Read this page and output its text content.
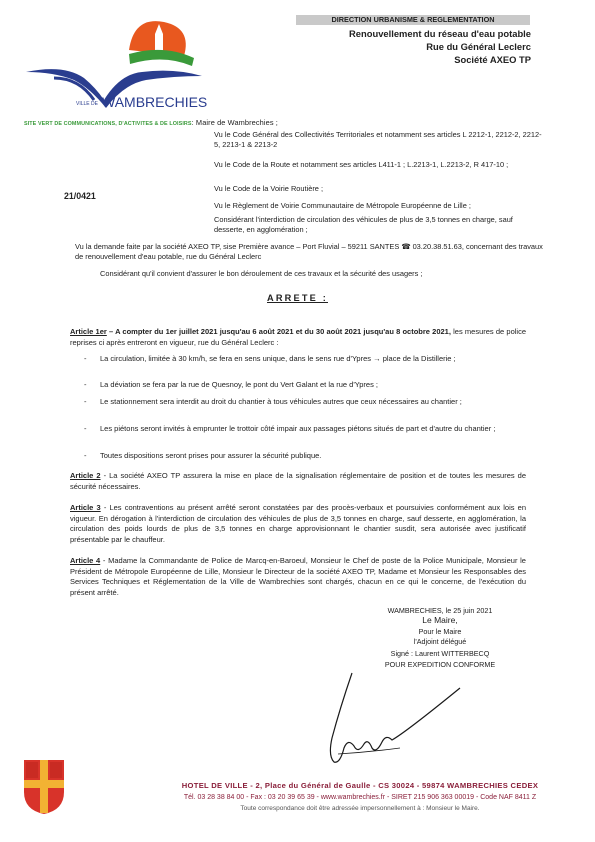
DIRECTION URBANISME & REGLEMENTATION
Renouvellement du réseau d'eau potable
Rue du Général Leclerc
Société AXEO TP
VILLE DE WAMBRECHIES
SITE VERT DE COMMUNICATIONS, D'ACTIVITES & DE LOISIRS: Maire de Wambrechies ;
21/0421
Vu le Code Général des Collectivités Territoriales et notamment ses articles L 2212-1, 2212-2, 2212-5, 2213-1 & 2213-2
Vu le Code de la Route et notamment ses articles L411-1 ; L.2213-1, L.2213-2, R 417-10 ;
Vu le Code de la Voirie Routière ;
Vu le Règlement de Voirie Communautaire de Métropole Européenne de Lille ;
Considérant l'interdiction de circulation des véhicules de plus de 3,5 tonnes en charge, sauf desserte, en agglomération ;
Vu la demande faite par la société AXEO TP, sise Première avance – Port Fluvial – 59211 SANTES ☎ 03.20.38.51.63, concernant des travaux de renouvellement d'eau potable, rue du Général Leclerc
Considérant qu'il convient d'assurer le bon déroulement de ces travaux et la sécurité des usagers ;
ARRETE :
Article 1er – A compter du 1er juillet 2021 jusqu'au 6 août 2021 et du 30 août 2021 jusqu'au 8 octobre 2021, les mesures de police reprises ci après entreront en vigueur, rue du Général Leclerc :
- La circulation, limitée à 30 km/h, se fera en sens unique, dans le sens rue d'Ypres → place de la Distillerie ;
- La déviation se fera par la rue de Quesnoy, le pont du Vert Galant et la rue d'Ypres ;
- Le stationnement sera interdit au droit du chantier à tous véhicules autres que ceux nécessaires au chantier ;
- Les piétons seront invités à emprunter le trottoir côté impair aux passages piétons situés de part et d'autre du chantier ;
- Toutes dispositions seront prises pour assurer la sécurité publique.
Article 2 - La société AXEO TP assurera la mise en place de la signalisation réglementaire de position et de toutes les mesures de sécurité nécessaires.
Article 3 - Les contraventions au présent arrêté seront constatées par des procès-verbaux et poursuivies conformément aux lois en vigueur. En dérogation à l'interdiction de circulation des véhicules de plus de 3,5 tonnes en charge, sauf desserte, en agglomération, la circulation des poids lourds de plus de 3,5 tonnes en charge approvisionnant le chantier susdit, sera autorisée avec justificatif présentable par le chauffeur.
Article 4 - Madame la Commandante de Police de Marcq-en-Baroeul, Monsieur le Chef de poste de la Police Municipale, Monsieur le Président de Métropole Européenne de Lille, Monsieur le Directeur de la société AXEO TP, Madame et Monsieur les Responsables des Services Techniques et Réglementation de la Ville de Wambrechies sont chargés, chacun en ce qui le concerne, de l'exécution du présent arrêté.
WAMBRECHIES, le 25 juin 2021
Le Maire,
Pour le Maire
l'Adjoint délégué
Signé : Laurent WITTERBECQ
POUR EXPEDITION CONFORME
HOTEL DE VILLE - 2, Place du Général de Gaulle - CS 30024 - 59874 WAMBRECHIES CEDEX
Tél. 03 28 38 84 00 - Fax : 03 20 39 65 39 - www.wambrechies.fr - SIRET 215 906 363 00019 - Code NAF 8411 Z
Toute correspondance doit être adressée impersonnellement à : Monsieur le Maire.
